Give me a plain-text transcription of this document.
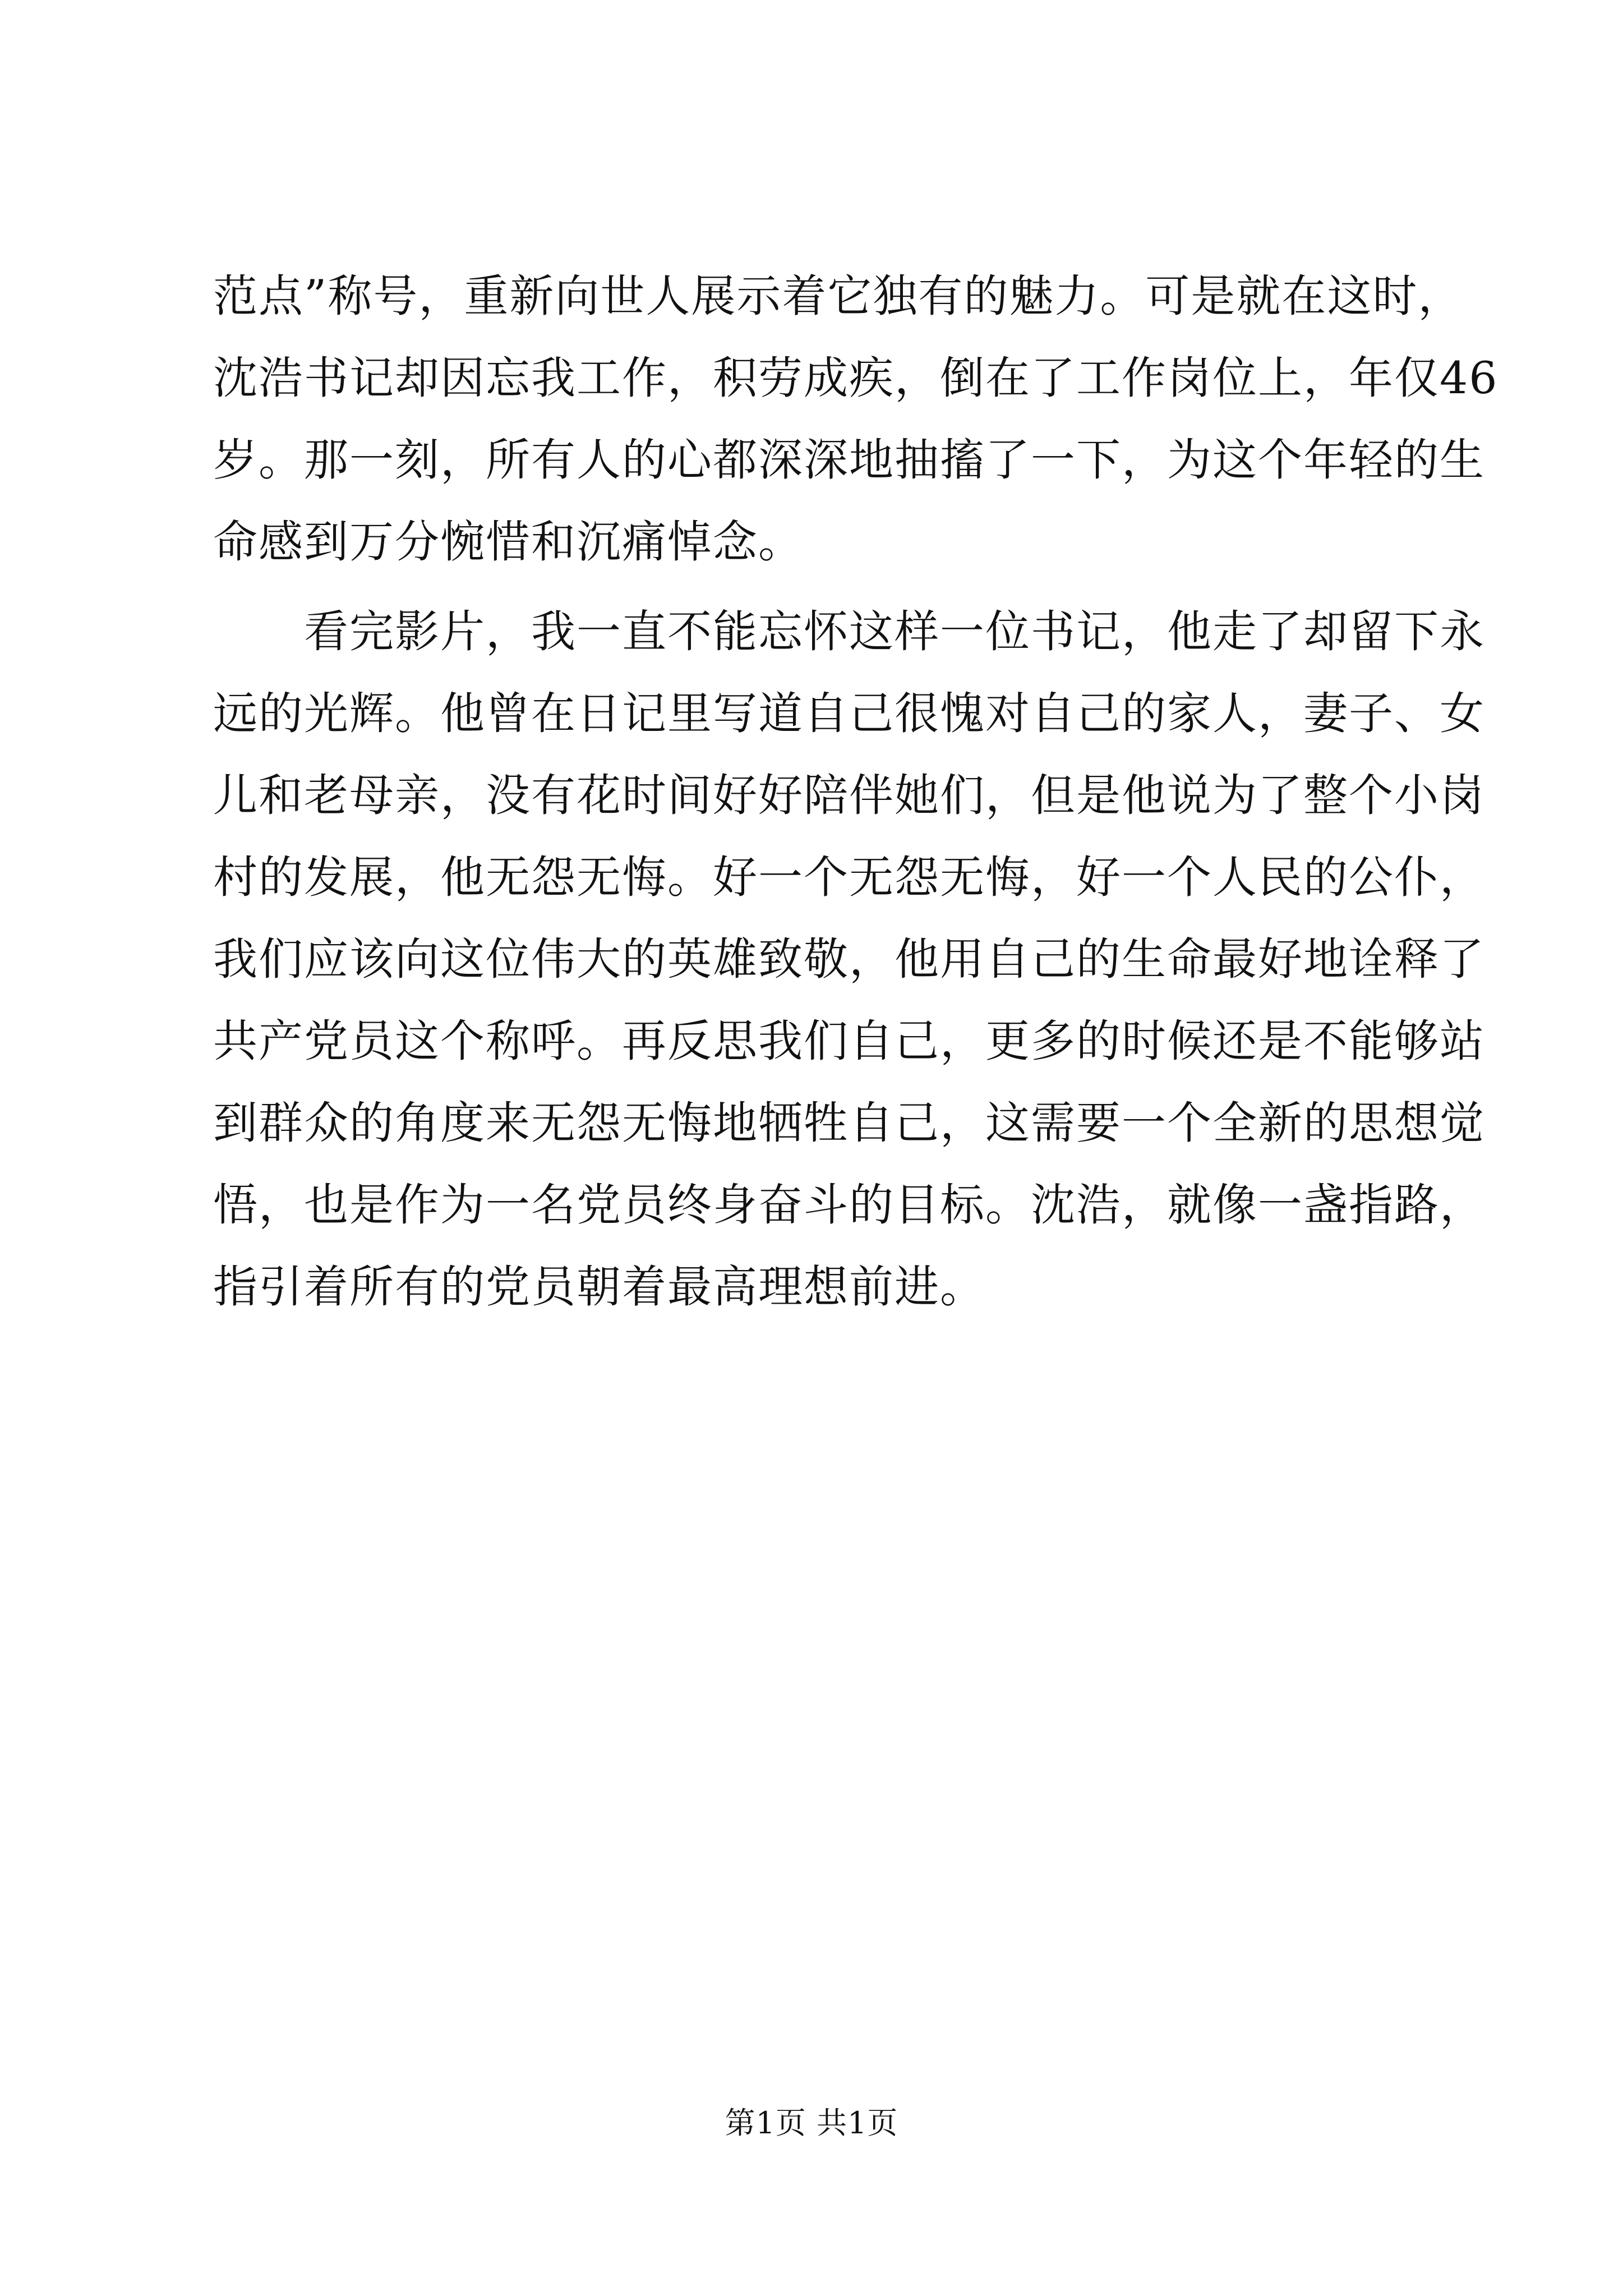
范点”称号，重新向世人展示着它独有的魅力。可是就在这时，
沈浩书记却因忘我工作，积劳成疾，倒在了工作岗位上，年仅46
岁。那一刻，所有人的心都深深地抽搐了一下，为这个年轻的生
命感到万分惋惜和沉痛悼念。
　　看完影片，我一直不能忘怀这样一位书记，他走了却留下永
远的光辉。他曾在日记里写道自己很愧对自己的家人，妻子、女
儿和老母亲，没有花时间好好陪伴她们，但是他说为了整个小岗
村的发展，他无怨无悔。好一个无怨无悔，好一个人民的公仆，
我们应该向这位伟大的英雄致敬，他用自己的生命最好地诠释了
共产党员这个称呼。再反思我们自己，更多的时候还是不能够站
到群众的角度来无怨无悔地牺牲自己，这需要一个全新的思想觉
悟，也是作为一名党员终身奋斗的目标。沈浩，就像一盏指路，
指引着所有的党员朝着最高理想前进。
第1页 共1页
